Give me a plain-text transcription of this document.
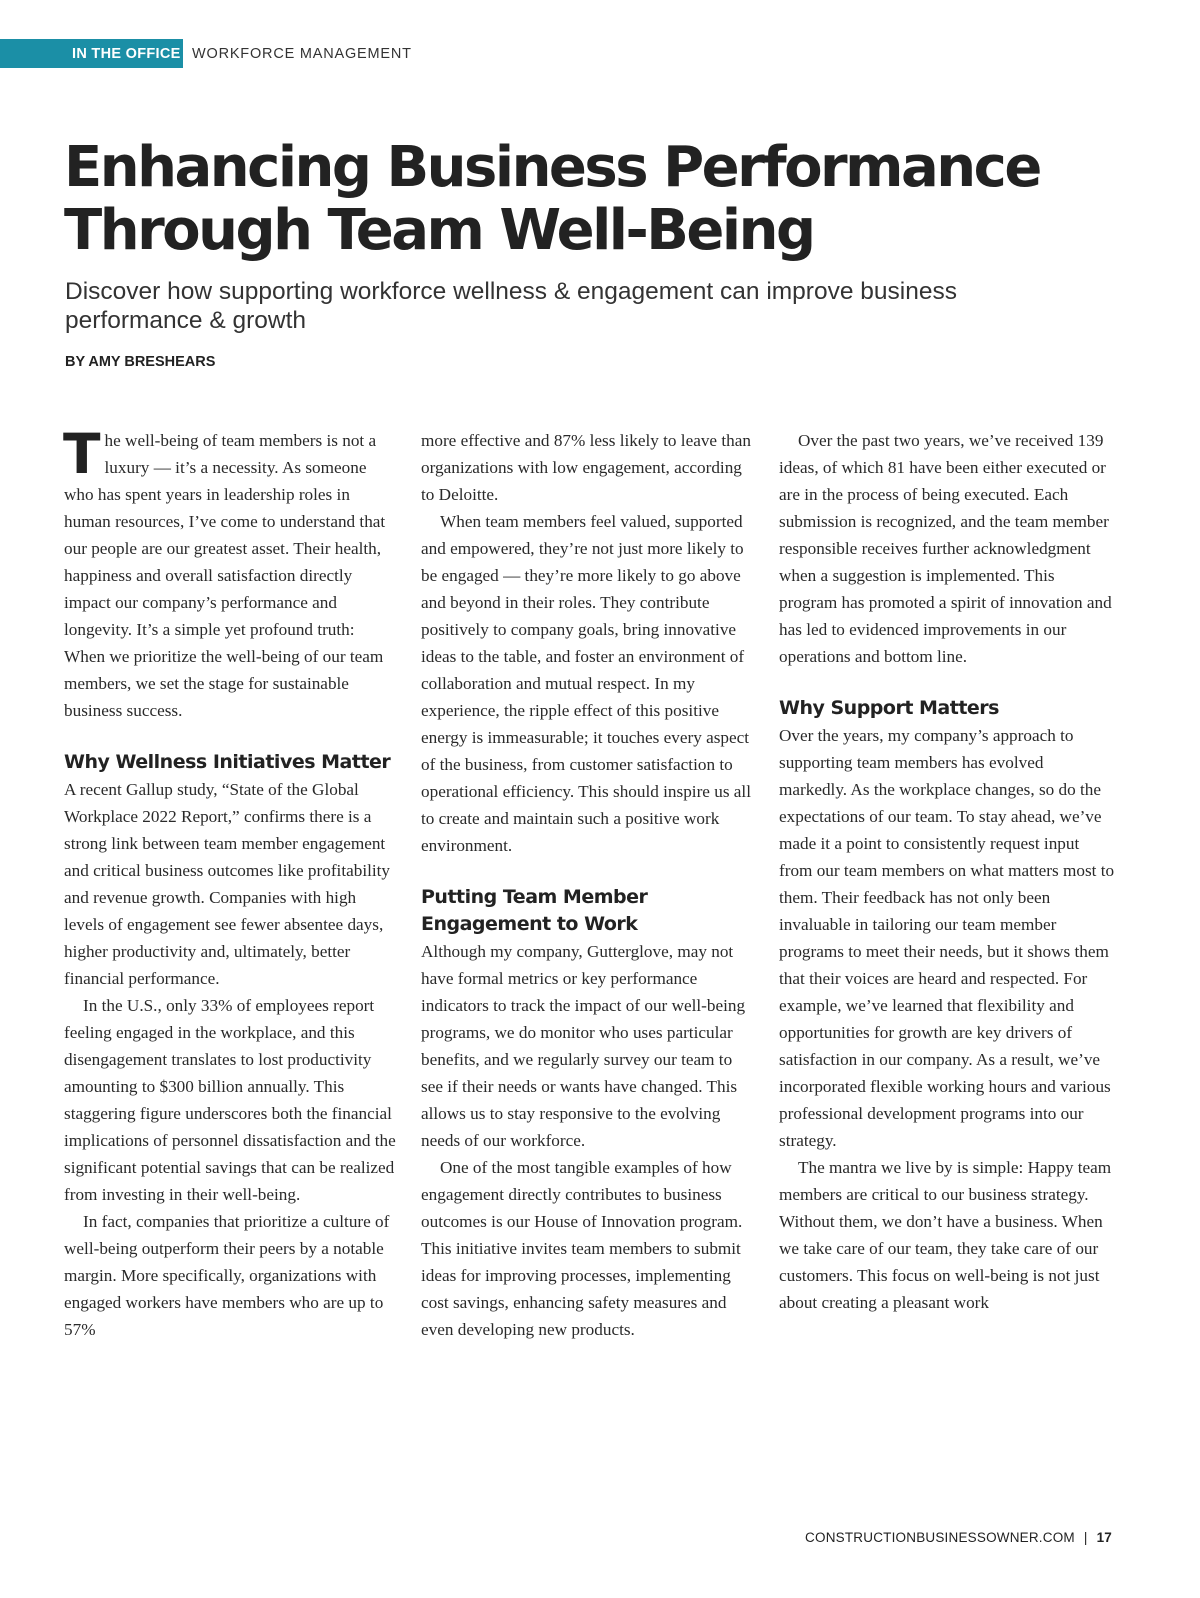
IN THE OFFICE WORKFORCE MANAGEMENT
Enhancing Business Performance
Through Team Well-Being

Discover how supporting workforce wellness & engagement can improve business performance & growth

BY AMY BRESHEARS

The well-being of team members is not a luxury — it’s a necessity. As someone who has spent years in leadership roles in human resources, I’ve come to understand that our people are our greatest asset. Their health, happiness and overall satisfaction directly impact our company’s performance and longevity. It’s a simple yet profound truth: When we prioritize the well-being of our team members, we set the stage for sustainable business success.

Why Wellness Initiatives Matter

A recent Gallup study, “State of the Global Workplace 2022 Report,” confirms there is a strong link between team member engagement and critical business outcomes like profitability and revenue growth. Companies with high levels of engagement see fewer absentee days, higher productivity and, ultimately, better financial performance.

In the U.S., only 33% of employees report feeling engaged in the workplace, and this disengagement translates to lost productivity amounting to $300 billion annually. This staggering figure underscores both the financial implications of personnel dissatisfaction and the significant potential savings that can be realized from investing in their well-being.

In fact, companies that prioritize a culture of well-being outperform their peers by a notable margin. More specifically, organizations with engaged workers have members who are up to 57%

more effective and 87% less likely to leave than organizations with low engagement, according to Deloitte.

When team members feel valued, supported and empowered, they’re not just more likely to be engaged — they’re more likely to go above and beyond in their roles. They contribute positively to company goals, bring innovative ideas to the table, and foster an environment of collaboration and mutual respect. In my experience, the ripple effect of this positive energy is immeasurable; it touches every aspect of the business, from customer satisfaction to operational efficiency. This should inspire us all to create and maintain such a positive work environment.

Putting Team Member Engagement to Work

Although my company, Gutterglove, may not have formal metrics or key performance indicators to track the impact of our well-being programs, we do monitor who uses particular benefits, and we regularly survey our team to see if their needs or wants have changed. This allows us to stay responsive to the evolving needs of our workforce.

One of the most tangible examples of how engagement directly contributes to business outcomes is our House of Innovation program. This initiative invites team members to submit ideas for improving processes, implementing cost savings, enhancing safety measures and even developing new products.

Over the past two years, we’ve received 139 ideas, of which 81 have been either executed or are in the process of being executed. Each submission is recognized, and the team member responsible receives further acknowledgment when a suggestion is implemented. This program has promoted a spirit of innovation and has led to evidenced improvements in our operations and bottom line.

Why Support Matters

Over the years, my company’s approach to supporting team members has evolved markedly. As the workplace changes, so do the expectations of our team. To stay ahead, we’ve made it a point to consistently request input from our team members on what matters most to them. Their feedback has not only been invaluable in tailoring our team member programs to meet their needs, but it shows them that their voices are heard and respected. For example, we’ve learned that flexibility and opportunities for growth are key drivers of satisfaction in our company. As a result, we’ve incorporated flexible working hours and various professional development programs into our strategy.

The mantra we live by is simple: Happy team members are critical to our business strategy. Without them, we don’t have a business. When we take care of our team, they take care of our customers. This focus on well-being is not just about creating a pleasant work

CONSTRUCTIONBUSINESSOWNER.COM | 17
